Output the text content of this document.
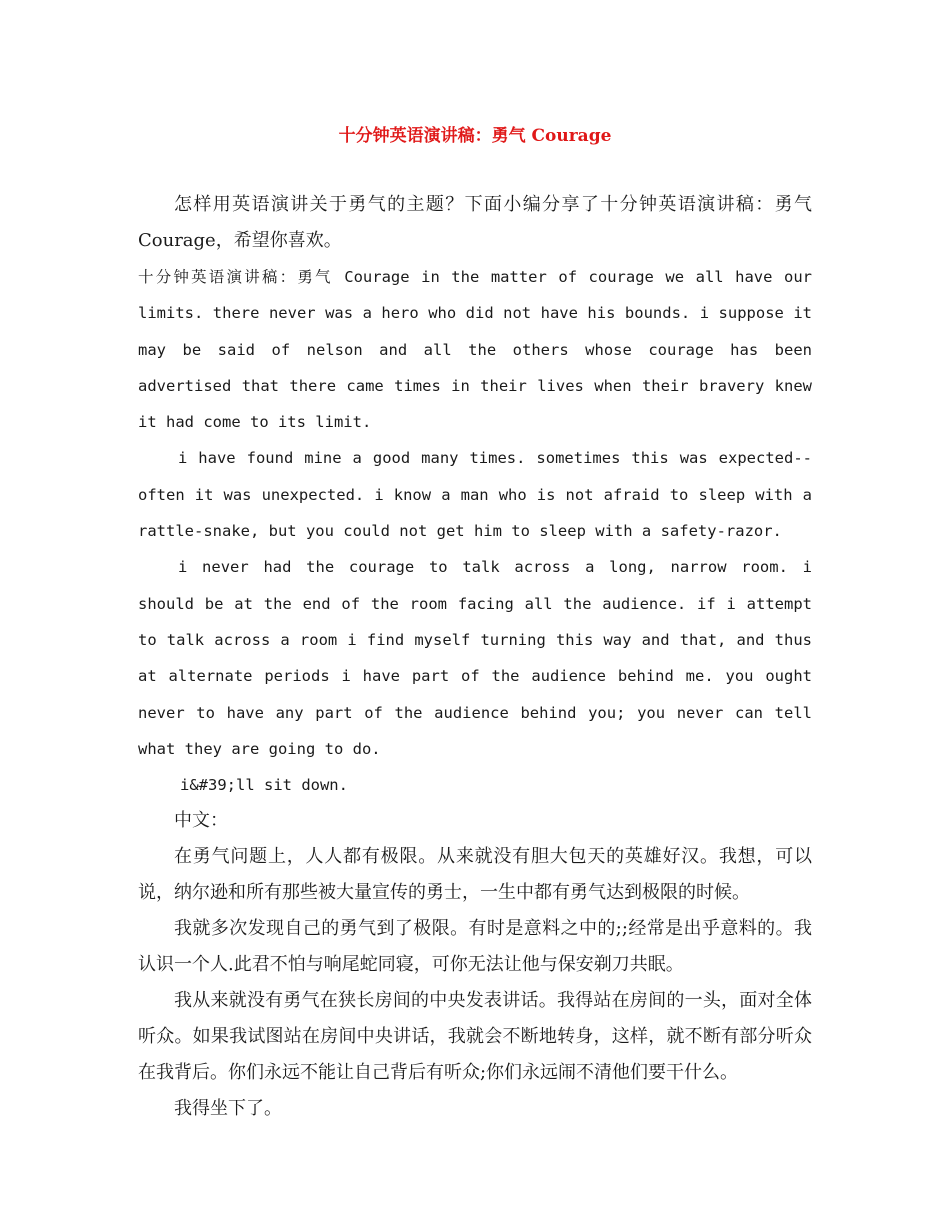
十分钟英语演讲稿：勇气 Courage

怎样用英语演讲关于勇气的主题？下面小编分享了十分钟英语演讲稿：勇气Courage，希望你喜欢。

十分钟英语演讲稿：勇气 Courage in the matter of courage we all have our limits. there never was a hero who did not have his bounds. i suppose it may be said of nelson and all the others whose courage has been advertised that there came times in their lives when their bravery knew it had come to its limit.

i have found mine a good many times. sometimes this was expected--often it was unexpected. i know a man who is not afraid to sleep with a rattle-snake, but you could not get him to sleep with a safety-razor.

i never had the courage to talk across a long, narrow room. i should be at the end of the room facing all the audience. if i attempt to talk across a room i find myself turning this way and that, and thus at alternate periods i have part of the audience behind me. you ought never to have any part of the audience behind you; you never can tell what they are going to do.

i&#39;ll sit down.

中文：

在勇气问题上，人人都有极限。从来就没有胆大包天的英雄好汉。我想，可以说，纳尔逊和所有那些被大量宣传的勇士，一生中都有勇气达到极限的时候。

我就多次发现自己的勇气到了极限。有时是意料之中的;;经常是出乎意料的。我认识一个人.此君不怕与响尾蛇同寝，可你无法让他与保安剃刀共眠。

我从来就没有勇气在狭长房间的中央发表讲话。我得站在房间的一头，面对全体听众。如果我试图站在房间中央讲话，我就会不断地转身，这样，就不断有部分听众在我背后。你们永远不能让自己背后有听众;你们永远闹不清他们要干什么。

我得坐下了。
